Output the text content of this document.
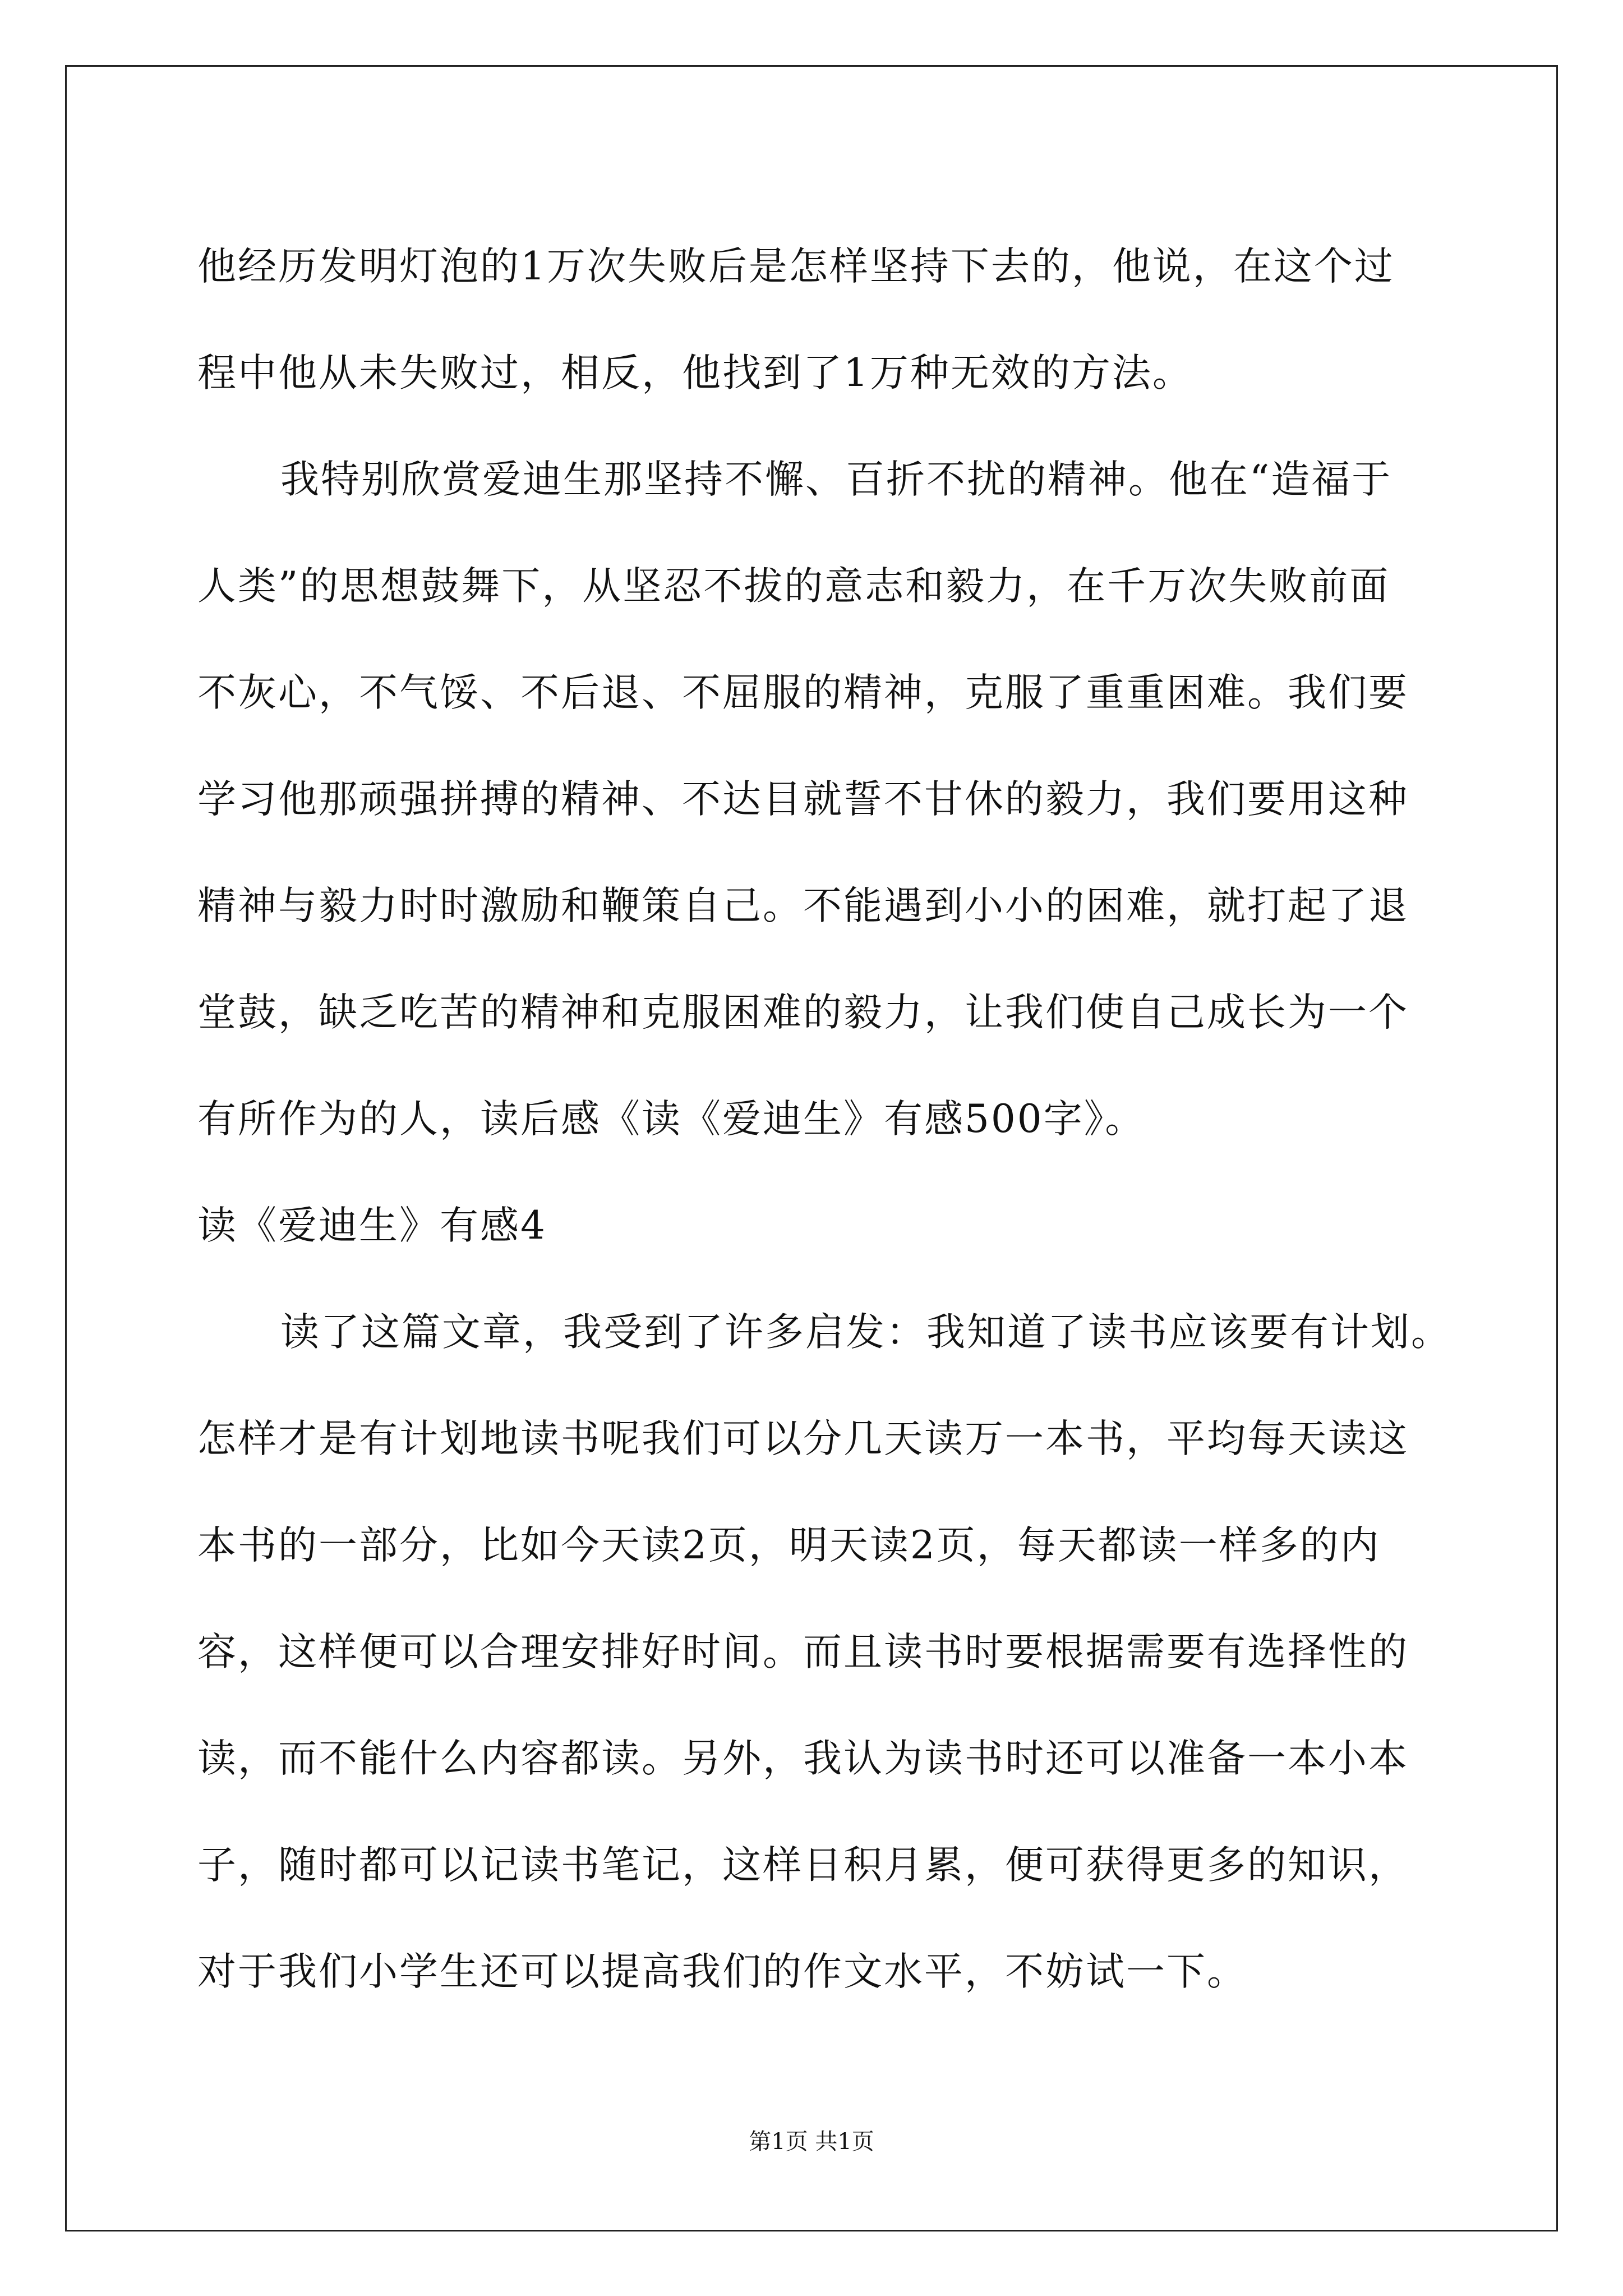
他经历发明灯泡的1万次失败后是怎样坚持下去的，他说，在这个过
程中他从未失败过，相反，他找到了1万种无效的方法。
我特别欣赏爱迪生那坚持不懈、百折不扰的精神。他在“造福于
人类”的思想鼓舞下，从坚忍不拔的意志和毅力，在千万次失败前面
不灰心，不气馁、不后退、不屈服的精神，克服了重重困难。我们要
学习他那顽强拼搏的精神、不达目就誓不甘休的毅力，我们要用这种
精神与毅力时时激励和鞭策自己。不能遇到小小的困难，就打起了退
堂鼓，缺乏吃苦的精神和克服困难的毅力，让我们使自己成长为一个
有所作为的人，读后感《读《爱迪生》有感500字》。
读《爱迪生》有感4
读了这篇文章，我受到了许多启发：我知道了读书应该要有计划。
怎样才是有计划地读书呢我们可以分几天读万一本书，平均每天读这
本书的一部分，比如今天读2页，明天读2页，每天都读一样多的内
容，这样便可以合理安排好时间。而且读书时要根据需要有选择性的
读，而不能什么内容都读。另外，我认为读书时还可以准备一本小本
子，随时都可以记读书笔记，这样日积月累，便可获得更多的知识，
对于我们小学生还可以提高我们的作文水平，不妨试一下。
第1页 共1页
